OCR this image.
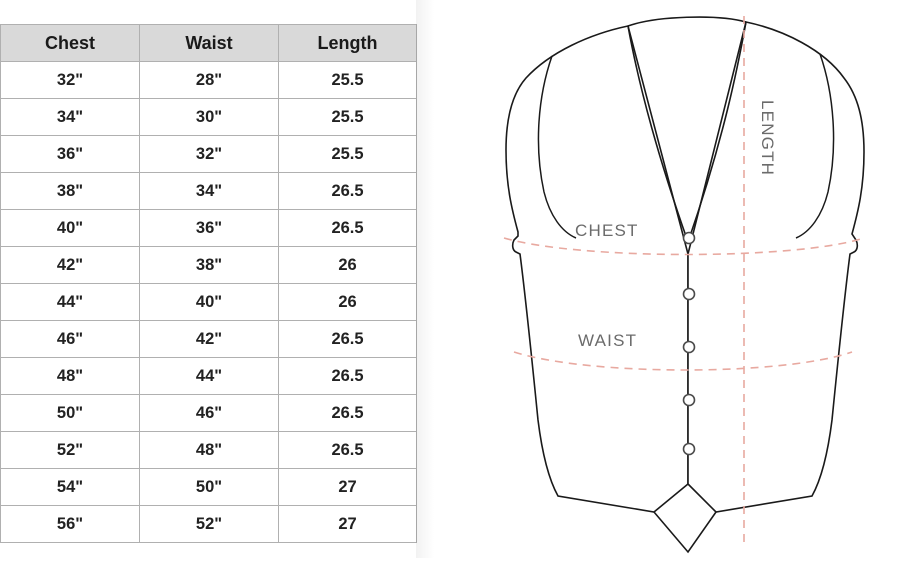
Chest	Waist	Length
32"	28"	25.5
34"	30"	25.5
36"	32"	25.5
38"	34"	26.5
40"	36"	26.5
42"	38"	26
44"	40"	26
46"	42"	26.5
48"	44"	26.5
50"	46"	26.5
52"	48"	26.5
54"	50"	27
56"	52"	27
CHEST
WAIST
LENGTH
